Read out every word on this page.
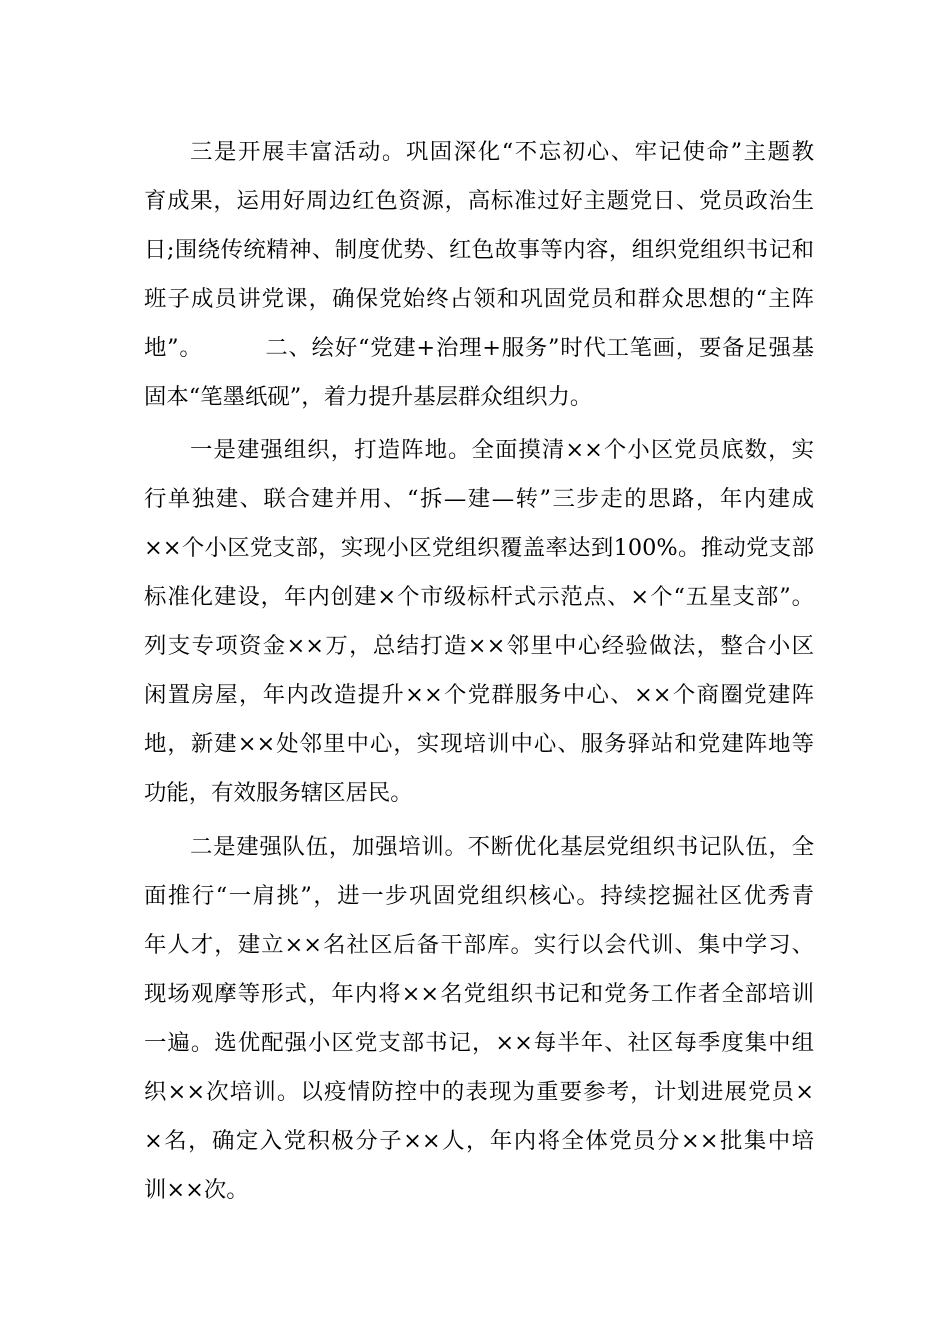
三是开展丰富活动。巩固深化“不忘初心、牢记使命”主题教

育成果，运用好周边红色资源，高标准过好主题党日、党员政治生

日;围绕传统精神、制度优势、红色故事等内容，组织党组织书记和

班子成员讲党课，确保党始终占领和巩固党员和群众思想的“主阵

地”。        二、绘好“党建+治理+服务”时代工笔画，要备足强基

固本“笔墨纸砚”，着力提升基层群众组织力。

一是建强组织，打造阵地。全面摸清××个小区党员底数，实

行单独建、联合建并用、“拆—建—转”三步走的思路，年内建成

××个小区党支部，实现小区党组织覆盖率达到100%。推动党支部

标准化建设，年内创建×个市级标杆式示范点、×个“五星支部”。

列支专项资金××万，总结打造××邻里中心经验做法，整合小区

闲置房屋，年内改造提升××个党群服务中心、××个商圈党建阵

地，新建××处邻里中心，实现培训中心、服务驿站和党建阵地等

功能，有效服务辖区居民。

二是建强队伍，加强培训。不断优化基层党组织书记队伍，全

面推行“一肩挑”，进一步巩固党组织核心。持续挖掘社区优秀青

年人才，建立××名社区后备干部库。实行以会代训、集中学习、

现场观摩等形式，年内将××名党组织书记和党务工作者全部培训

一遍。选优配强小区党支部书记，××每半年、社区每季度集中组

织××次培训。以疫情防控中的表现为重要参考，计划进展党员×

×名，确定入党积极分子××人，年内将全体党员分××批集中培

训××次。
